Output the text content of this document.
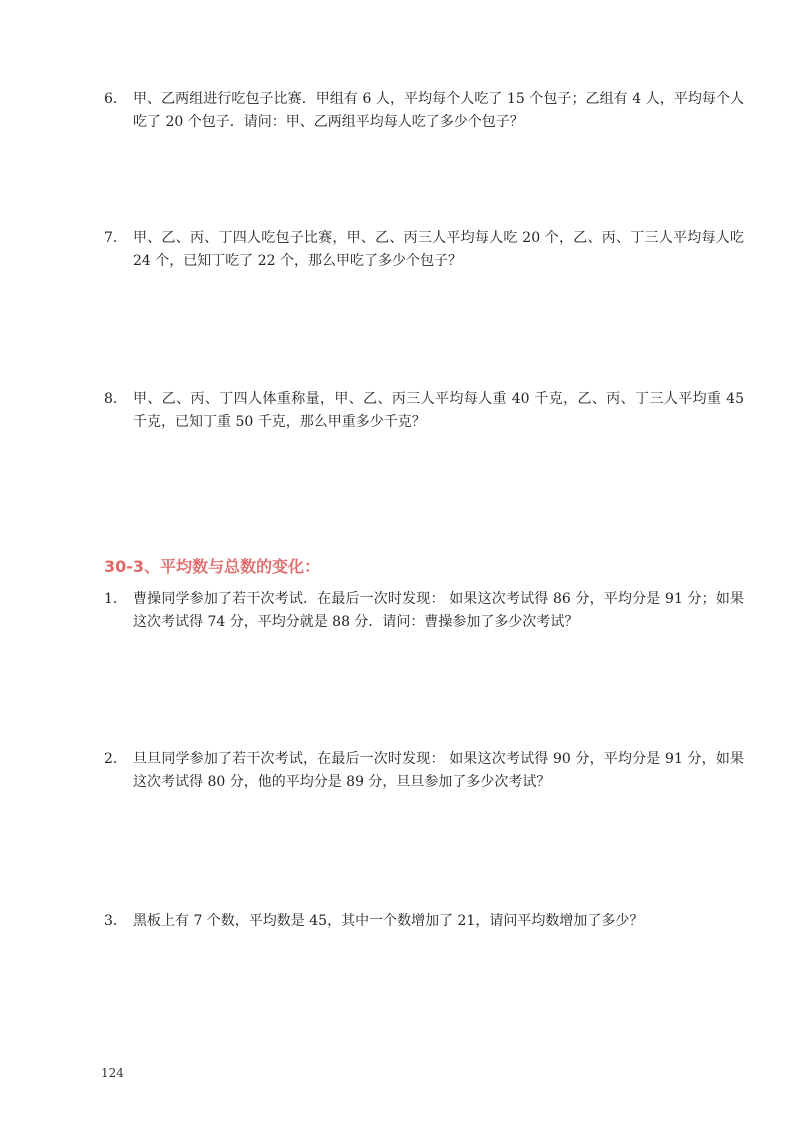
6． 甲、乙两组进行吃包子比赛．甲组有 6 人，平均每个人吃了 15 个包子；乙组有 4 人，平均每个人吃了 20 个包子．请问：甲、乙两组平均每人吃了多少个包子？
7． 甲、乙、丙、丁四人吃包子比赛，甲、乙、丙三人平均每人吃 20 个，乙、丙、丁三人平均每人吃 24 个，已知丁吃了 22 个，那么甲吃了多少个包子？
8． 甲、乙、丙、丁四人体重称量，甲、乙、丙三人平均每人重 40 千克，乙、丙、丁三人平均重 45 千克，已知丁重 50 千克，那么甲重多少千克？
30-3、平均数与总数的变化：
1． 曹操同学参加了若干次考试．在最后一次时发现： 如果这次考试得 86 分，平均分是 91 分；如果这次考试得 74 分，平均分就是 88 分．请问：曹操参加了多少次考试？
2． 旦旦同学参加了若干次考试，在最后一次时发现： 如果这次考试得 90 分，平均分是 91 分，如果这次考试得 80 分，他的平均分是 89 分，旦旦参加了多少次考试？
3． 黑板上有 7 个数，平均数是 45，其中一个数增加了 21，请问平均数增加了多少？
124
